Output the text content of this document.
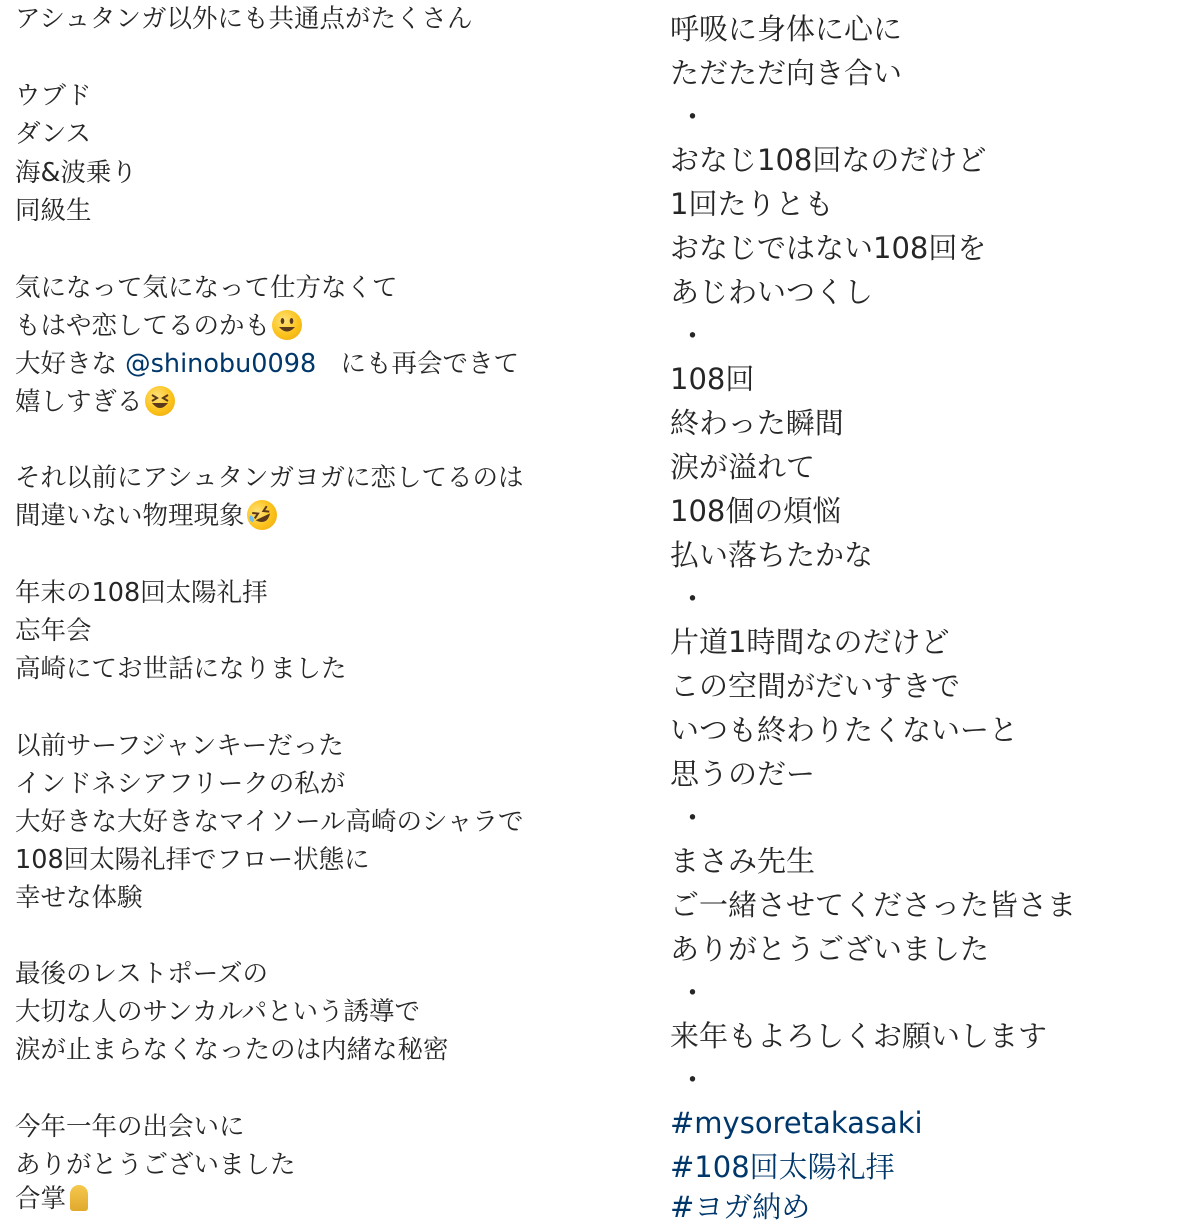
アシュタンガ以外にも共通点がたくさん
ウブド
ダンス
海&波乗り
同級生
気になって気になって仕方なくて
もはや恋してるのかも
大好きな @shinobu0098 にも再会できて
嬉しすぎる
それ以前にアシュタンガヨガに恋してるのは
間違いない物理現象
年末の108回太陽礼拝
忘年会
高崎にてお世話になりました
以前サーフジャンキーだった
インドネシアフリークの私が
大好きな大好きなマイソール高崎のシャラで
108回太陽礼拝でフロー状態に
幸せな体験
最後のレストポーズの
大切な人のサンカルパという誘導で
涙が止まらなくなったのは内緒な秘密
今年一年の出会いに
ありがとうございました
合掌
呼吸に身体に心に
ただただ向き合い
・
おなじ108回なのだけど
1回たりとも
おなじではない108回を
あじわいつくし
・
108回
終わった瞬間
涙が溢れて
108個の煩悩
払い落ちたかな
・
片道1時間なのだけど
この空間がだいすきで
いつも終わりたくないーと
思うのだー
・
まさみ先生
ご一緒させてくださった皆さま
ありがとうございました
・
来年もよろしくお願いします
・
#mysoretakasaki
#108回太陽礼拝
#ヨガ納め
